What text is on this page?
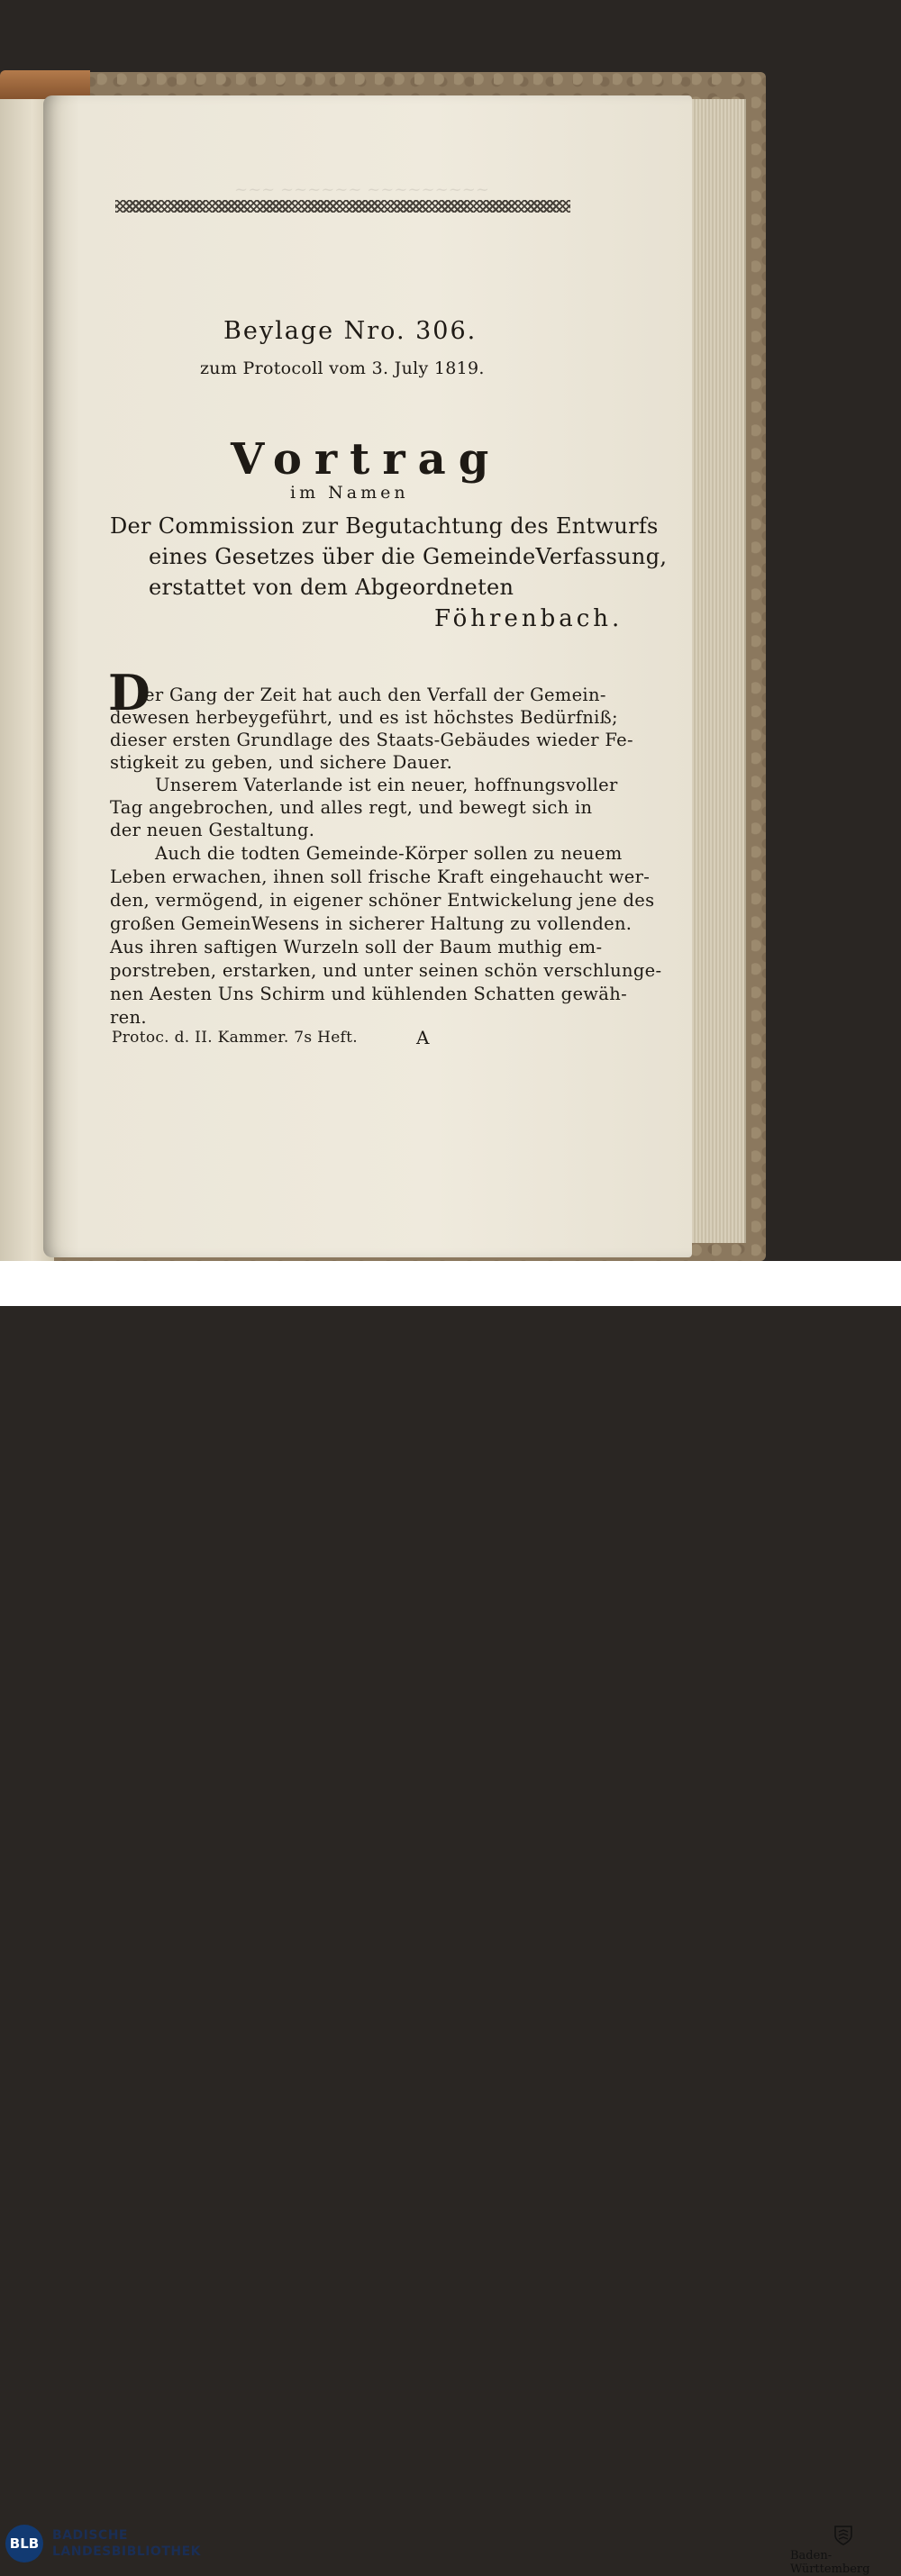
~~~ ~~~~~~ ~~~~~~~~~

Beylage Nro. 306.

zum Protocoll vom 3. July 1819.

Vortrag

im Namen

Der Commission zur Begutachtung des Entwurfs

eines Gesetzes über die GemeindeVerfassung,

erstattet von dem Abgeordneten

Föhrenbach.

D

er Gang der Zeit hat auch den Verfall der Gemein-

dewesen herbeygeführt, und es ist höchstes Bedürfniß;

dieser ersten Grundlage des Staats-Gebäudes wieder Fe-

stigkeit zu geben, und sichere Dauer.

Unserem Vaterlande ist ein neuer, hoffnungsvoller

Tag angebrochen, und alles regt, und bewegt sich in

der neuen Gestaltung.

Auch die todten Gemeinde-Körper sollen zu neuem

Leben erwachen, ihnen soll frische Kraft eingehaucht wer-

den, vermögend, in eigener schöner Entwickelung jene des

großen GemeinWesens in sicherer Haltung zu vollenden.

Aus ihren saftigen Wurzeln soll der Baum muthig em-

porstreben, erstarken, und unter seinen schön verschlunge-

nen Aesten Uns Schirm und kühlenden Schatten gewäh-

ren.

Protoc. d. II. Kammer. 7s Heft.	A

BLB	BADISCHE

LANDESBIBLIOTHEK	Baden-Württemberg
